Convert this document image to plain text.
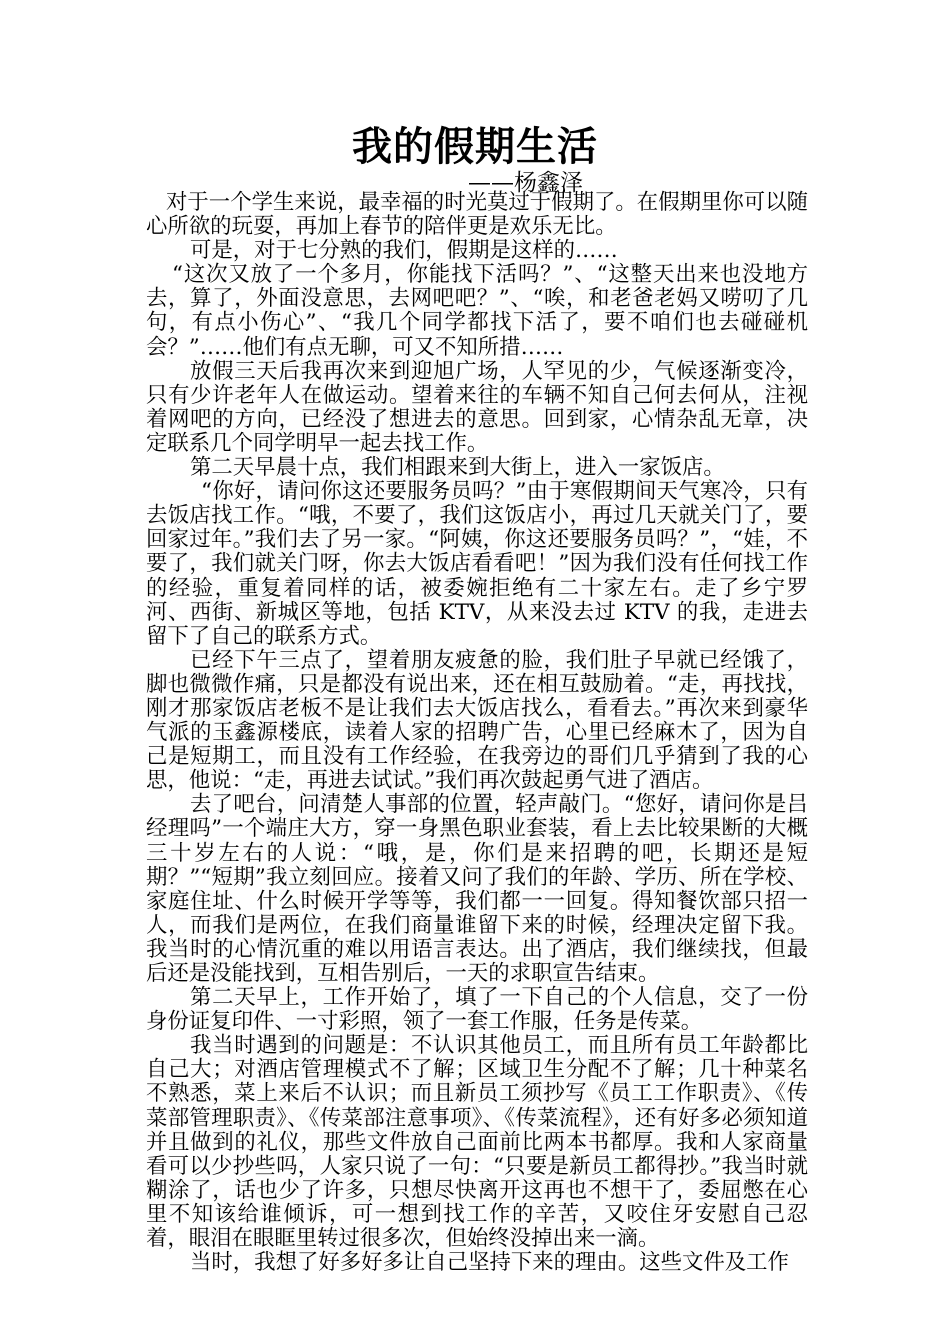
我的假期生活
——杨鑫泽

对于一个学生来说，最幸福的时光莫过于假期了。在假期里你可以随心所欲的玩耍，再加上春节的陪伴更是欢乐无比。

可是，对于七分熟的我们，假期是这样的……

“这次又放了一个多月，你能找下活吗？”、“这整天出来也没地方去，算了，外面没意思，去网吧吧？”、“唉，和老爸老妈又唠叨了几句，有点小伤心”、“我几个同学都找下活了，要不咱们也去碰碰机会？”……他们有点无聊，可又不知所措……

放假三天后我再次来到迎旭广场，人罕见的少，气候逐渐变冷，只有少许老年人在做运动。望着来往的车辆不知自己何去何从，注视着网吧的方向，已经没了想进去的意思。回到家，心情杂乱无章，决定联系几个同学明早一起去找工作。

第二天早晨十点，我们相跟来到大街上，进入一家饭店。

“你好，请问你这还要服务员吗？”由于寒假期间天气寒冷，只有去饭店找工作。“哦，不要了，我们这饭店小，再过几天就关门了，要回家过年。”我们去了另一家。“阿姨，你这还要服务员吗？”，“娃，不要了，我们就关门呀，你去大饭店看看吧！”因为我们没有任何找工作的经验，重复着同样的话，被委婉拒绝有二十家左右。走了乡宁罗河、西街、新城区等地，包括 KTV，从来没去过 KTV 的我，走进去留下了自己的联系方式。

已经下午三点了，望着朋友疲惫的脸，我们肚子早就已经饿了，脚也微微作痛，只是都没有说出来，还在相互鼓励着。“走，再找找，刚才那家饭店老板不是让我们去大饭店找么，看看去。”再次来到豪华气派的玉鑫源楼底，读着人家的招聘广告，心里已经麻木了，因为自己是短期工，而且没有工作经验，在我旁边的哥们几乎猜到了我的心思，他说：“走，再进去试试。”我们再次鼓起勇气进了酒店。

去了吧台，问清楚人事部的位置，轻声敲门。“您好，请问你是吕经理吗”一个端庄大方，穿一身黑色职业套装，看上去比较果断的大概三十岁左右的人说：“哦，是，你们是来招聘的吧，长期还是短期？”“短期”我立刻回应。接着又问了我们的年龄、学历、所在学校、家庭住址、什么时候开学等等，我们都一一回复。得知餐饮部只招一人，而我们是两位，在我们商量谁留下来的时候，经理决定留下我。我当时的心情沉重的难以用语言表达。出了酒店，我们继续找，但最后还是没能找到，互相告别后，一天的求职宣告结束。

第二天早上，工作开始了，填了一下自己的个人信息，交了一份身份证复印件、一寸彩照，领了一套工作服，任务是传菜。

我当时遇到的问题是：不认识其他员工，而且所有员工年龄都比自己大；对酒店管理模式不了解；区域卫生分配不了解；几十种菜名不熟悉，菜上来后不认识；而且新员工须抄写《员工工作职责》、《传菜部管理职责》、《传菜部注意事项》、《传菜流程》，还有好多必须知道并且做到的礼仪，那些文件放自己面前比两本书都厚。我和人家商量看可以少抄些吗，人家只说了一句：“只要是新员工都得抄。”我当时就糊涂了，话也少了许多，只想尽快离开这再也不想干了，委屈憋在心里不知该给谁倾诉，可一想到找工作的辛苦，又咬住牙安慰自己忍着，眼泪在眼眶里转过很多次，但始终没掉出来一滴。

当时，我想了好多好多让自己坚持下来的理由。这些文件及工作
